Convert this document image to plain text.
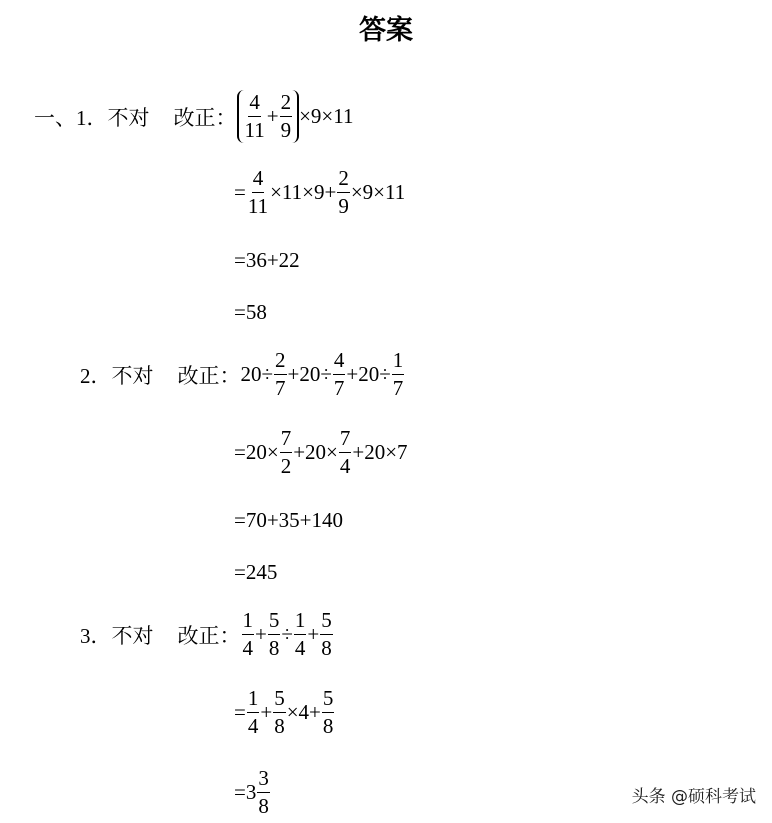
答案
一、1．不对 改正： $\frac{4}{11} + \frac{2}{9} \times 9\times 11$
= $\frac{4}{11} \times 11\times 9+ \frac{2}{9} \times 9\times 11$
=36+22
=58
2．不对 改正： $20\div \frac{2}{7} +20\div \frac{4}{7} +20\div \frac{1}{7}$
$=20\times \frac{7}{2} +20\times \frac{7}{4} +20\times 7$
=70+35+140
=245
3．不对 改正： $\frac{1}{4} + \frac{5}{8} \div \frac{1}{4} + \frac{5}{8}$
= $\frac{1}{4} + \frac{5}{8} \times 4+ \frac{5}{8}$
$=3 \frac{3}{8}$	头条 @硕科考试
